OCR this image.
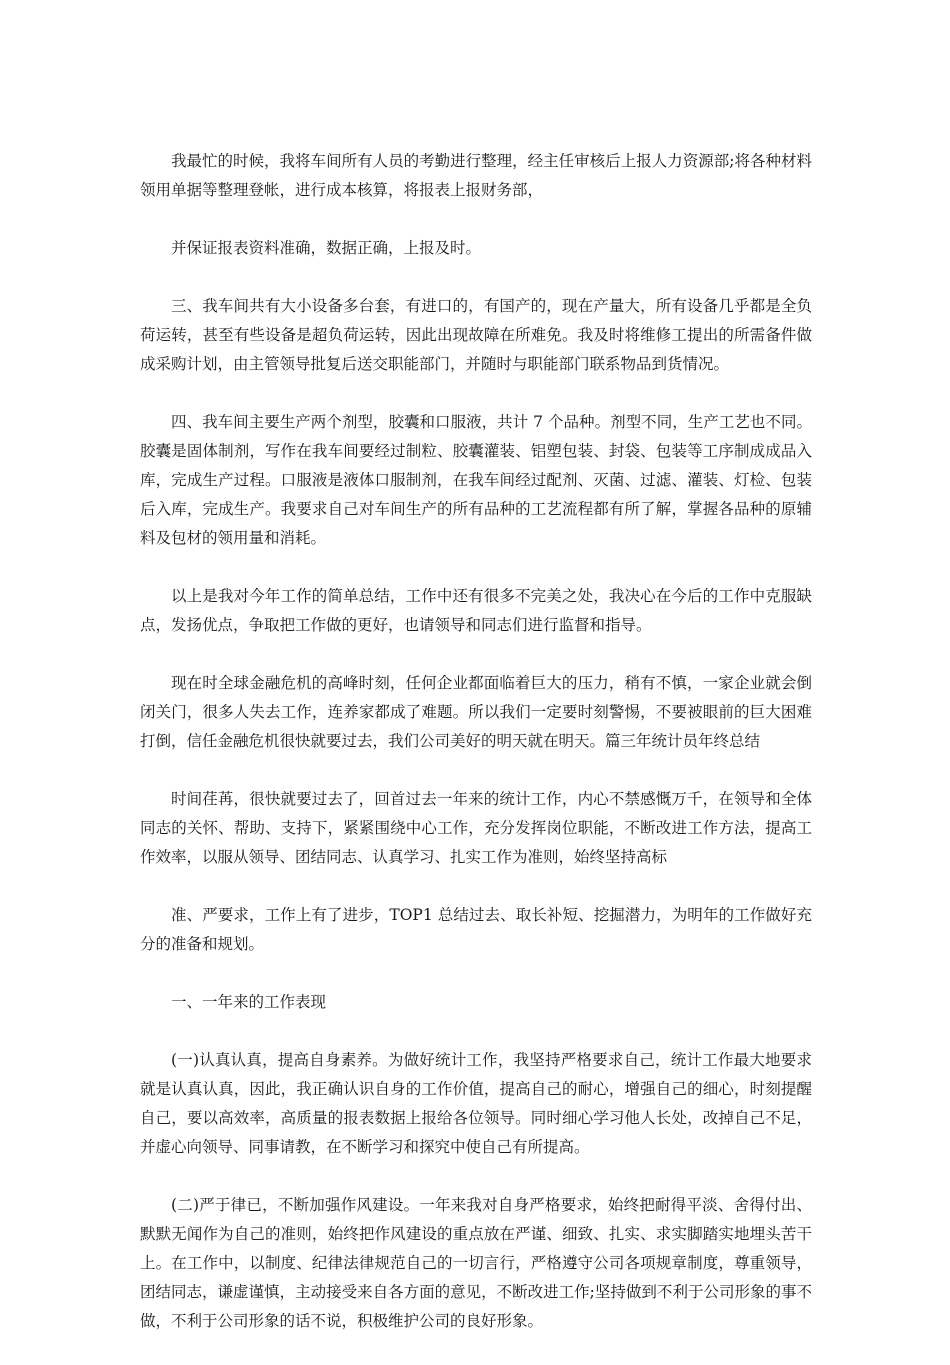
我最忙的时候，我将车间所有人员的考勤进行整理，经主任审核后上报人力资源部;将各种材料领用单据等整理登帐，进行成本核算，将报表上报财务部，

并保证报表资料准确，数据正确，上报及时。

三、我车间共有大小设备多台套，有进口的，有国产的，现在产量大，所有设备几乎都是全负荷运转，甚至有些设备是超负荷运转，因此出现故障在所难免。我及时将维修工提出的所需备件做成采购计划，由主管领导批复后送交职能部门，并随时与职能部门联系物品到货情况。

四、我车间主要生产两个剂型，胶囊和口服液，共计 7 个品种。剂型不同，生产工艺也不同。胶囊是固体制剂，写作在我车间要经过制粒、胶囊灌装、铝塑包装、封袋、包装等工序制成成品入库，完成生产过程。口服液是液体口服制剂，在我车间经过配剂、灭菌、过滤、灌装、灯检、包装后入库，完成生产。我要求自己对车间生产的所有品种的工艺流程都有所了解，掌握各品种的原辅料及包材的领用量和消耗。

以上是我对今年工作的简单总结，工作中还有很多不完美之处，我决心在今后的工作中克服缺点，发扬优点，争取把工作做的更好，也请领导和同志们进行监督和指导。

现在时全球金融危机的高峰时刻，任何企业都面临着巨大的压力，稍有不慎，一家企业就会倒闭关门，很多人失去工作，连养家都成了难题。所以我们一定要时刻警惕，不要被眼前的巨大困难打倒，信任金融危机很快就要过去，我们公司美好的明天就在明天。篇三年统计员年终总结

时间荏苒，很快就要过去了，回首过去一年来的统计工作，内心不禁感慨万千，在领导和全体同志的关怀、帮助、支持下，紧紧围绕中心工作，充分发挥岗位职能，不断改进工作方法，提高工作效率，以服从领导、团结同志、认真学习、扎实工作为准则，始终坚持高标

准、严要求，工作上有了进步，TOP1 总结过去、取长补短、挖掘潜力，为明年的工作做好充分的准备和规划。

一、一年来的工作表现

(一)认真认真，提高自身素养。为做好统计工作，我坚持严格要求自己，统计工作最大地要求就是认真认真，因此，我正确认识自身的工作价值，提高自己的耐心，增强自己的细心，时刻提醒自己，要以高效率，高质量的报表数据上报给各位领导。同时细心学习他人长处，改掉自己不足，并虚心向领导、同事请教，在不断学习和探究中使自己有所提高。

(二)严于律已，不断加强作风建设。一年来我对自身严格要求，始终把耐得平淡、舍得付出、默默无闻作为自己的准则，始终把作风建设的重点放在严谨、细致、扎实、求实脚踏实地埋头苦干上。在工作中，以制度、纪律法律规范自己的一切言行，严格遵守公司各项规章制度，尊重领导，团结同志，谦虚谨慎，主动接受来自各方面的意见，不断改进工作;坚持做到不利于公司形象的事不做，不利于公司形象的话不说，积极维护公司的良好形象。
